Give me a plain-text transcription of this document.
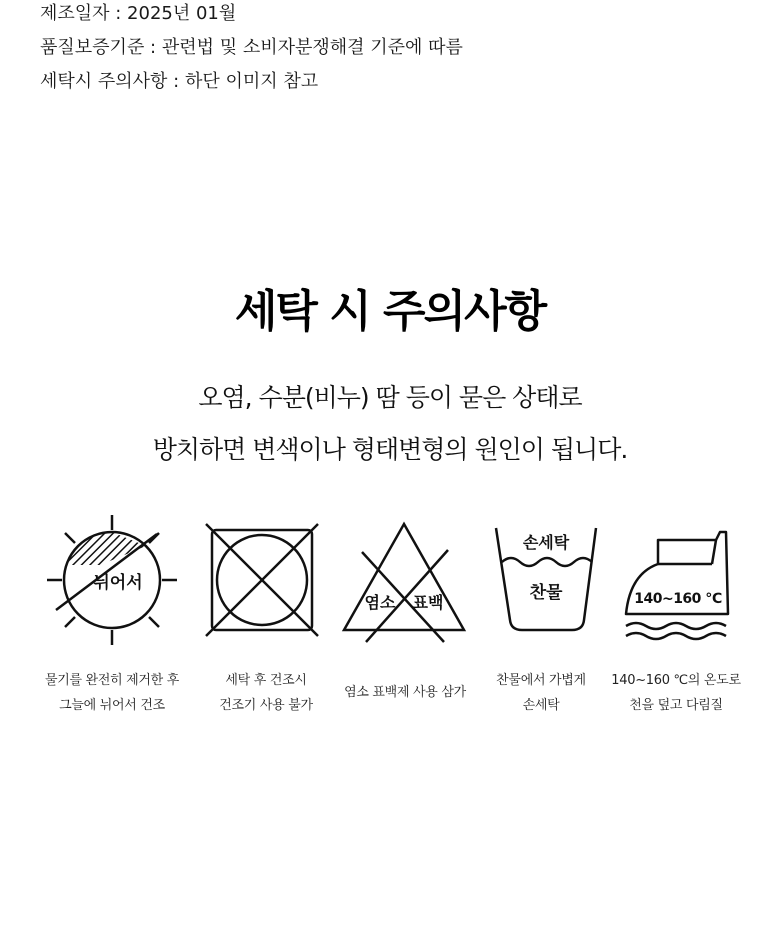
제조일자 : 2025년 01월
품질보증기준 : 관련법 및 소비자분쟁해결 기준에 따름
세탁시 주의사항 : 하단 이미지 참고
세탁 시 주의사항
오염, 수분(비누) 땀 등이 묻은 상태로
방치하면 변색이나 형태변형의 원인이 됩니다.
뉘어서
염소 표백
손세탁
찬물	140~160 ℃
물기를 완전히 제거한 후
그늘에 뉘어서 건조
세탁 후 건조시
건조기 사용 불가
염소 표백제 사용 삼가
찬물에서 가볍게
손세탁
140~160 ℃의 온도로
천을 덮고 다림질
